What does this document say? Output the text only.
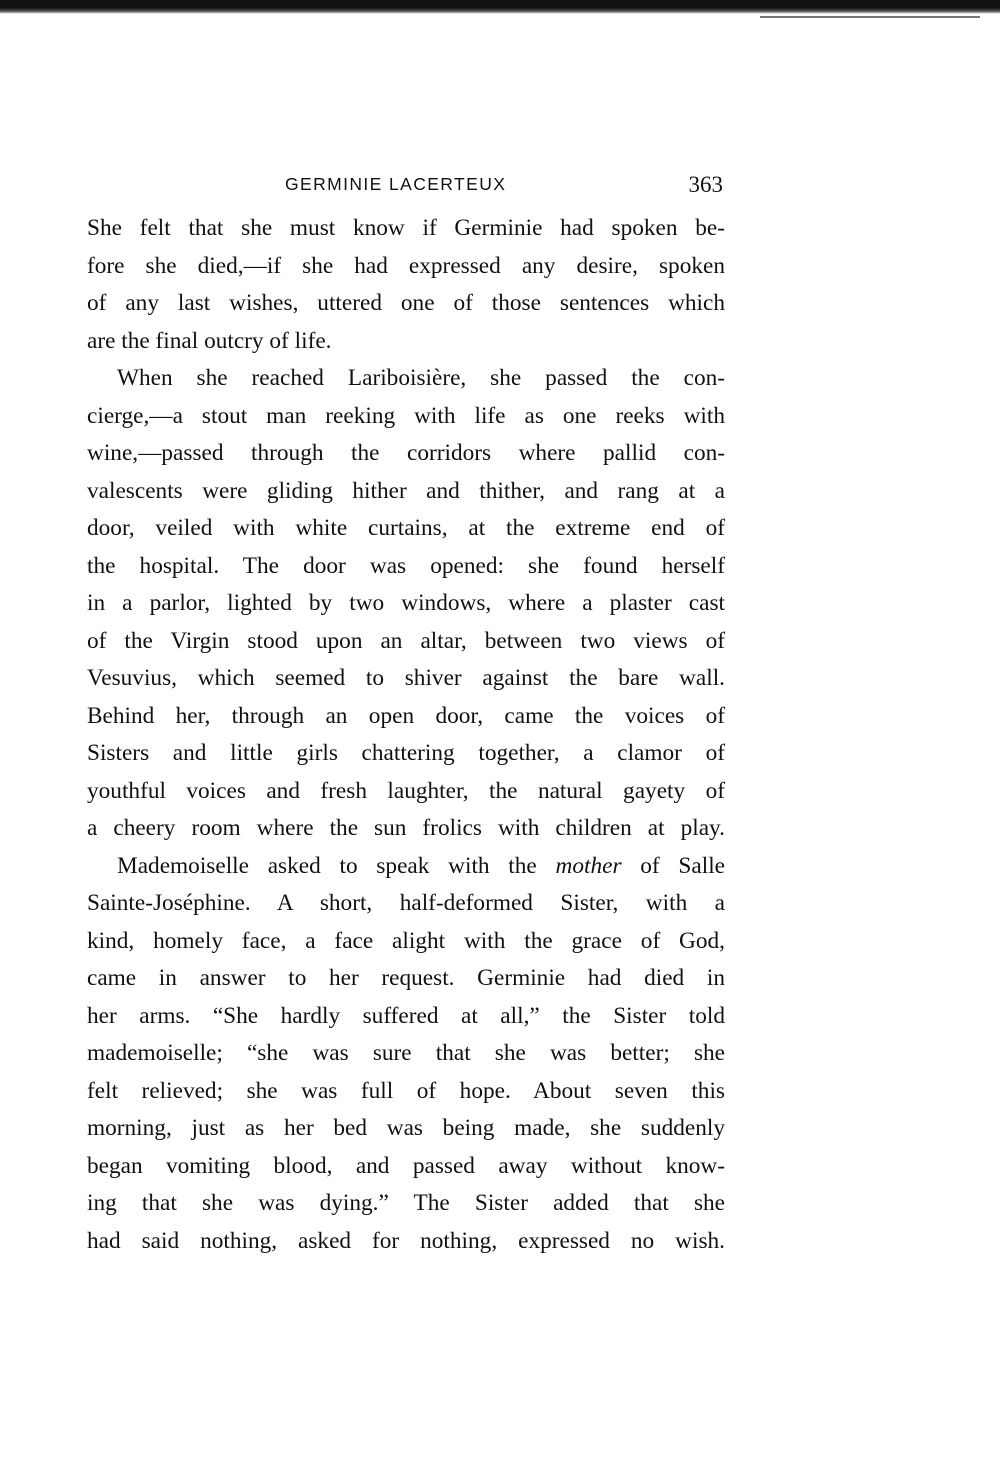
GERMINIE LACERTEUX	363
She felt that she must know if Germinie had spoken be-
fore she died,—if she had expressed any desire, spoken
of any last wishes, uttered one of those sentences which
are the final outcry of life.
When she reached Lariboisière, she passed the con-
cierge,—a stout man reeking with life as one reeks with
wine,—passed through the corridors where pallid con-
valescents were gliding hither and thither, and rang at a
door, veiled with white curtains, at the extreme end of
the hospital. The door was opened: she found herself
in a parlor, lighted by two windows, where a plaster cast
of the Virgin stood upon an altar, between two views of
Vesuvius, which seemed to shiver against the bare wall.
Behind her, through an open door, came the voices of
Sisters and little girls chattering together, a clamor of
youthful voices and fresh laughter, the natural gayety of
a cheery room where the sun frolics with children at play.
Mademoiselle asked to speak with the mother of Salle
Sainte-Joséphine. A short, half-deformed Sister, with a
kind, homely face, a face alight with the grace of God,
came in answer to her request. Germinie had died in
her arms. “She hardly suffered at all,” the Sister told
mademoiselle; “she was sure that she was better; she
felt relieved; she was full of hope. About seven this
morning, just as her bed was being made, she suddenly
began vomiting blood, and passed away without know-
ing that she was dying.” The Sister added that she
had said nothing, asked for nothing, expressed no wish.
